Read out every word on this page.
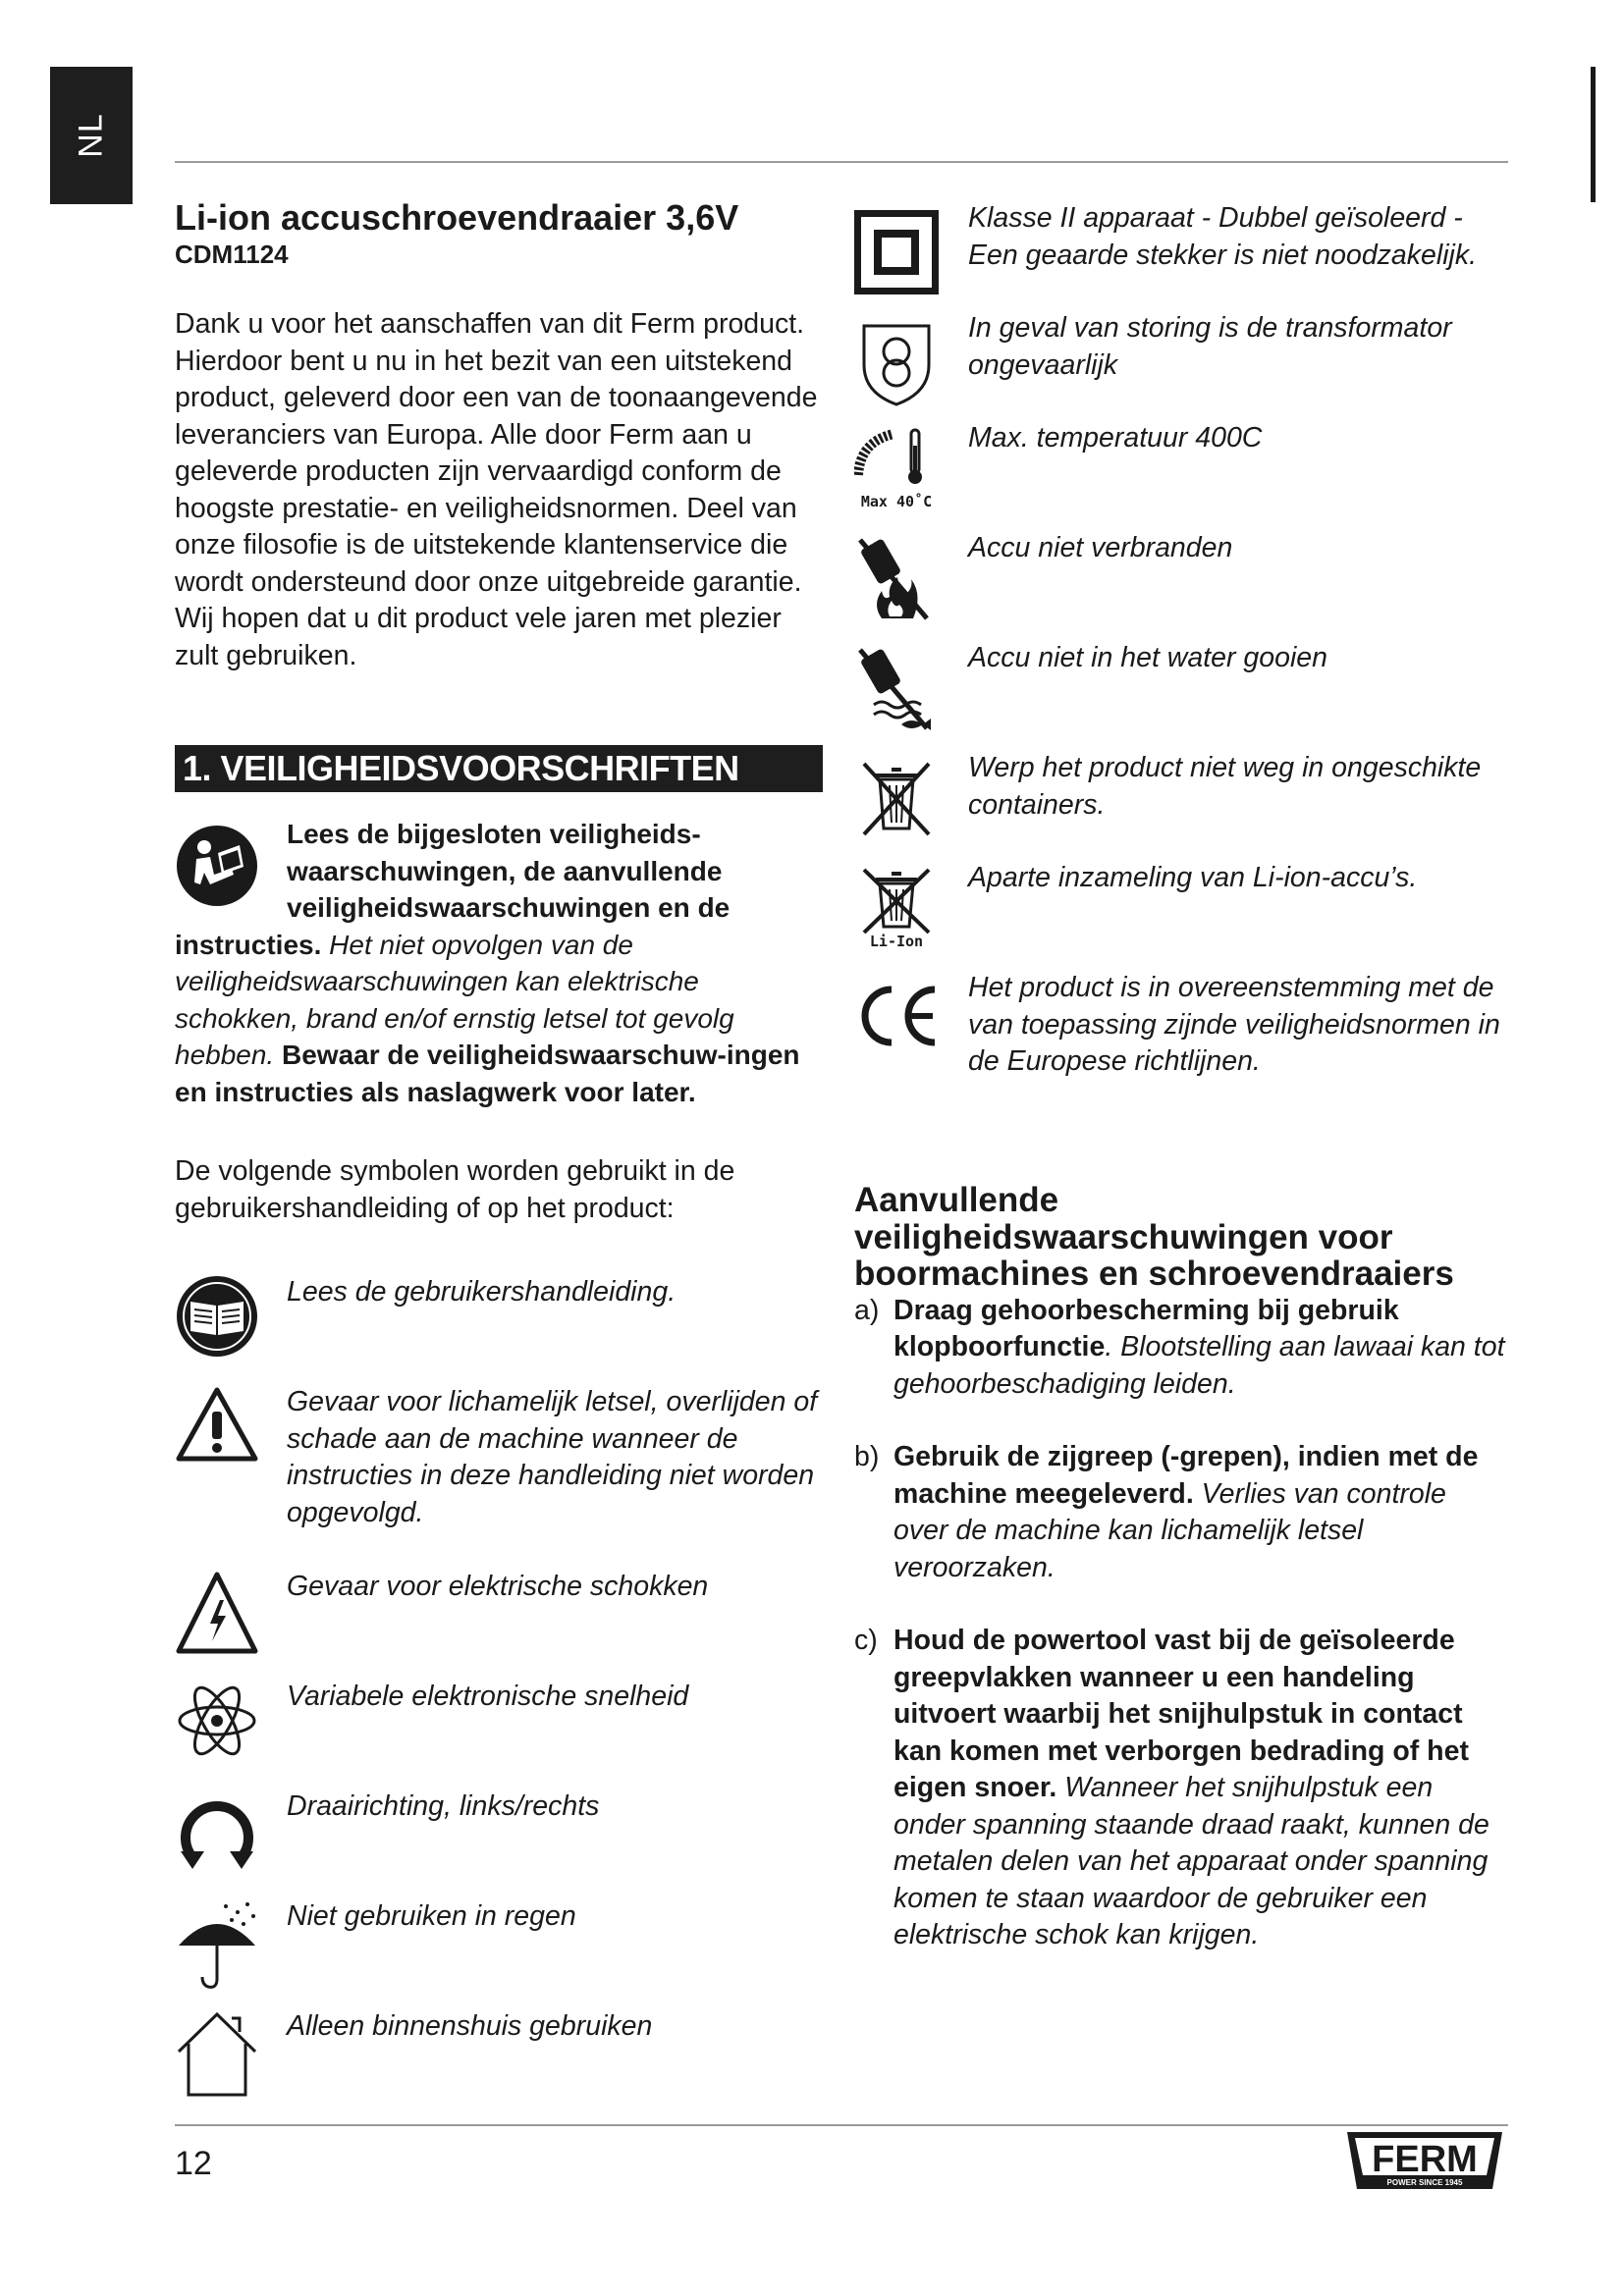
NL
Li-ion accuschroevendraaier 3,6V
CDM1124

Dank u voor het aanschaffen van dit Ferm product. Hierdoor bent u nu in het bezit van een uitstekend product, geleverd door een van de toonaangevende leveranciers van Europa. Alle door Ferm aan u geleverde producten zijn vervaardigd conform de hoogste prestatie- en veiligheidsnormen. Deel van onze filosofie is de uitstekende klantenservice die wordt ondersteund door onze uitgebreide garantie. Wij hopen dat u dit product vele jaren met plezier zult gebruiken.

1. VEILIGHEIDSVOORSCHRIFTEN
Lees de bijgesloten veiligheids-waarschuwingen, de aanvullende veiligheidswaarschuwingen en de
instructies. Het niet opvolgen van de veiligheidswaarschuwingen kan elektrische schokken, brand en/of ernstig letsel tot gevolg hebben. Bewaar de veiligheidswaarschuw-ingen en instructies als naslagwerk voor later.
De volgende symbolen worden gebruikt in de gebruikershandleiding of op het product:
Lees de gebruikershandleiding.
Gevaar voor lichamelijk letsel, overlijden of schade aan de machine wanneer de instructies in deze handleiding niet worden opgevolgd.
Gevaar voor elektrische schokken
Variabele elektronische snelheid
Draairichting, links/rechts
Niet gebruiken in regen
Alleen binnenshuis gebruiken
Klasse II apparaat - Dubbel geïsoleerd - Een geaarde stekker is niet noodzakelijk.
In geval van storing is de transformator ongevaarlijk
Max 40˚C
Max. temperatuur 400C
Accu niet verbranden
Accu niet in het water gooien
Werp het product niet weg in ongeschikte containers.
Li-Ion
Aparte inzameling van Li-ion-accu’s.
Het product is in overeenstemming met de van toepassing zijnde veiligheidsnormen in de Europese richtlijnen.
Aanvullende veiligheidswaarschuwingen voor boormachines en schroevendraaiers
a) Draag gehoorbescherming bij gebruik klopboorfunctie. Blootstelling aan lawaai kan tot gehoorbeschadiging leiden.
b) Gebruik de zijgreep (-grepen), indien met de machine meegeleverd. Verlies van controle over de machine kan lichamelijk letsel veroorzaken.
c) Houd de powertool vast bij de geïsoleerde greepvlakken wanneer u een handeling uitvoert waarbij het snijhulpstuk in contact kan komen met verborgen bedrading of het eigen snoer. Wanneer het snijhulpstuk een onder spanning staande draad raakt, kunnen de metalen delen van het apparaat onder spanning komen te staan waardoor de gebruiker een elektrische schok kan krijgen.
12	FERM
POWER SINCE 1945
